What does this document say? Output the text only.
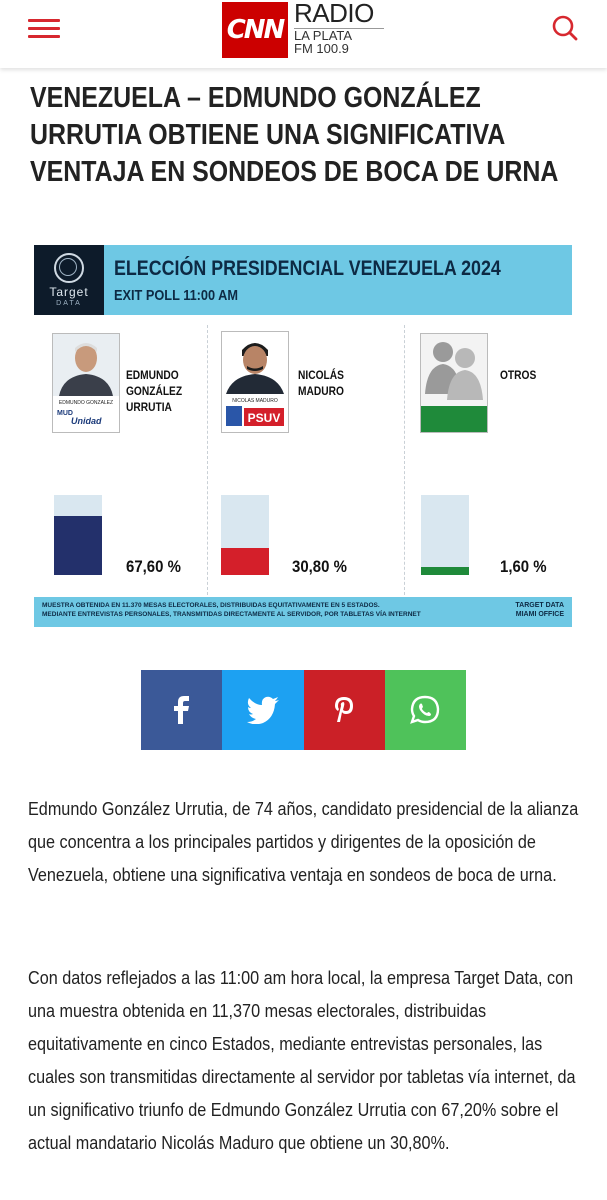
CNN
RADIO
LA PLATA
FM 100.9
VENEZUELA – EDMUNDO GONZÁLEZ URRUTIA OBTIENE UNA SIGNIFICATIVA VENTAJA EN SONDEOS DE BOCA DE URNA
Target
DATA
ELECCIÓN PRESIDENCIAL VENEZUELA 2024
EXIT POLL 11:00 AM
EDMUNDO GONZALEZ
MUD
Unidad
EDMUNDO
GONZÁLEZ
URRUTIA	NICOLAS MADURO
PSUV
NICOLÁS
MADURO
OTROS
67,60 %	30,80 %	1,60 %
MUESTRA OBTENIDA EN 11.370 MESAS ELECTORALES, DISTRIBUIDAS EQUITATIVAMENTE EN 5 ESTADOS.
MEDIANTE ENTREVISTAS PERSONALES, TRANSMITIDAS DIRECTAMENTE AL SERVIDOR, POR TABLETAS VÍA INTERNET
TARGET DATA
MIAMI OFFICE
Edmundo González Urrutia, de 74 años, candidato presidencial de la alianza que concentra a los principales partidos y dirigentes de la oposición de Venezuela, obtiene una significativa ventaja en sondeos de boca de urna.
Con datos reflejados a las 11:00 am hora local, la empresa Target Data, con una muestra obtenida en 11,370 mesas electorales, distribuidas equitativamente en cinco Estados, mediante entrevistas personales, las cuales son transmitidas directamente al servidor por tabletas vía internet, da un significativo triunfo de Edmundo González Urrutia con 67,20% sobre el actual mandatario Nicolás Maduro que obtiene un 30,80%.
